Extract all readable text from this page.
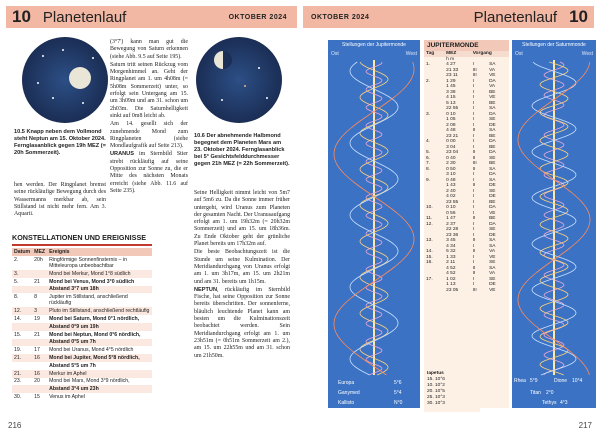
10 Planetenlauf	OKTOBER 2024
10.5 Knapp neben dem Vollmond steht Neptun am 15. Oktober 2024. Fernglasanblick gegen 19h MEZ (= 20h Sommerzeit).
10.6 Der abnehmende Halbmond begegnet dem Planeten Mars am 23. Oktober 2024. Fernglasanblick bei 5° Gesichtsfelddurchmesser gegen 21h MEZ (= 22h Sommerzeit).

hen werden. Der Ringplanet bremst seine rückläufige Bewegung durch des Wassermanns merkbar ab, sein Stillstand ist nicht mehr fern. Am 3. Aquarii.

(3°7') kann man gut die Bewegung von Saturn erkennen (siehe Abb. 9.5 auf Seite 195).

Saturn tritt seinen Rückzug vom Morgenhimmel an. Geht der Ringplanet am 1. um 4h08m (= 5h08m Sommerzeit) unter, so erfolgt sein Untergang am 15. um 3h09m und am 31. schon um 2h03m. Die Saturnhelligkeit sinkt auf 0m8 leicht ab.

Am 14. gesellt sich der zunehmende Mond zum Ringplaneten (siehe Mondlaufgrafik auf Seite 213).

URANUS im Sternbild Stier strebt rückläufig auf seine Opposition zur Sonne zu, die er Mitte des nächsten Monats erreicht (siehe Abb. 11.6 auf Seite 235).	Seine Helligkeit nimmt leicht von 5m7 auf 5m6 zu. Da die Sonne immer früher untergeht, wird Uranus zum Planeten der gesamten Nacht. Der Uranusaufgang erfolgt am 1. um 19h32m (= 20h32m Sommerzeit) und am 15. um 18h36m. Zu Ende Oktober geht der grünliche Planet bereits um 17h32m auf.

Die beste Beobachtungszeit ist die Stunde um seine Kulmination. Der Meridiandurchgang von Uranus erfolgt am 1. um 3h17m, am 15. um 2h21m und am 31. bereits um 1h15m.

NEPTUN, rückläufig im Sternbild Fische, hat seine Opposition zur Sonne bereits überschritten. Der sonnenferne, bläulich leuchtende Planet kann am besten um die Kulminationszeit beobachtet werden. Sein Meridiandurchgang erfolgt am 1. um 23h51m (= 0h51m Sommerzeit am 2.), am 15. um 22h55m und am 31. schon um 21h50m.

KONSTELLATIONEN UND EREIGNISSE
Datum	MEZ	Ereignis
2.	20h	Ringförmige Sonnenfinsternis – in Mitteleuropa unbeobachtbar
3.		Mond bei Merkur, Mond 1°8 südlich
5.	21	Mond bei Venus, Mond 3°0 südlich
		Abstand 3°7 um 18h
8.	8	Jupiter im Stillstand, anschließend rückläufig
12.	3	Pluto im Stillstand, anschließend rechtläufig
14.	19	Mond bei Saturn, Mond 0°1 nördlich,
		Abstand 0°9 um 19h
15.	21	Mond bei Neptun, Mond 0°6 nördlich,
		Abstand 0°5 um 7h
19.	17	Mond bei Uranus, Mond 4°5 nördlich
21.	16	Mond bei Jupiter, Mond 5°8 nördlich,
		Abstand 5°5 um 7h
21.	16	Merkur im Aphel
23.	20	Mond bei Mars, Mond 3°9 nördlich,
		Abstand 3°4 um 23h
30.	15	Venus im Aphel
216
OKTOBER 2024	Planetenlauf 10
217
Stellungen der Jupitermonde
Ost	West
Europa
Ganymed
Kallisto
5°6
5°4
N°0
JUPITERMONDE
Tag	MEZ	Vorgang	
	h m		
1.	4 27	I	SA
	21 33	III	VA
	23 11	III	VE
2.	1 29	I	DA
	1 45	I	VA
	3 38	I	BE
	4 15	I	VE
	5 13	I	BE
	22 55	I	SA
3.	0 10	I	DA
	1 05	I	SE
	2 08	I	DE
	4 48	II	SA
	23 21	I	BE
4.	0 00	I	DA
	3 04	I	BE
5.	23 04	II	DA
6.	0 40	II	SE
7.	2 30	III	BE
8.	0 50	II	SA
	3 10	I	DA
9.	0 48	I	SA
	1 43	II	DE
	2 40	I	SE
	4 02	I	DE
	23 55	I	BE
10.	0 10	I	DA
	0 56	I	VE
11.	1 47	II	BE
12.	2 37	I	DA
	22 28	I	SE
	23 36	I	DE
13.	3 45	II	SA
	4 34	I	SA
14.	5 32	II	VA
15.	1 33	I	VE
16.	2 11	I	SE
	4 52	II	SA
	4 52	II	VA
17.	1 02	I	SE
	1 13	I	DE
	23 05	III	VE
Stellungen der Saturnmonde
Ost	West
Rhea 5°9	Dione 10°4
Titan 2°0
Tethys 4°3
Iapetus
15. 10°6
10. 10°2
20. 10°5
25. 10°3
30. 10°3
